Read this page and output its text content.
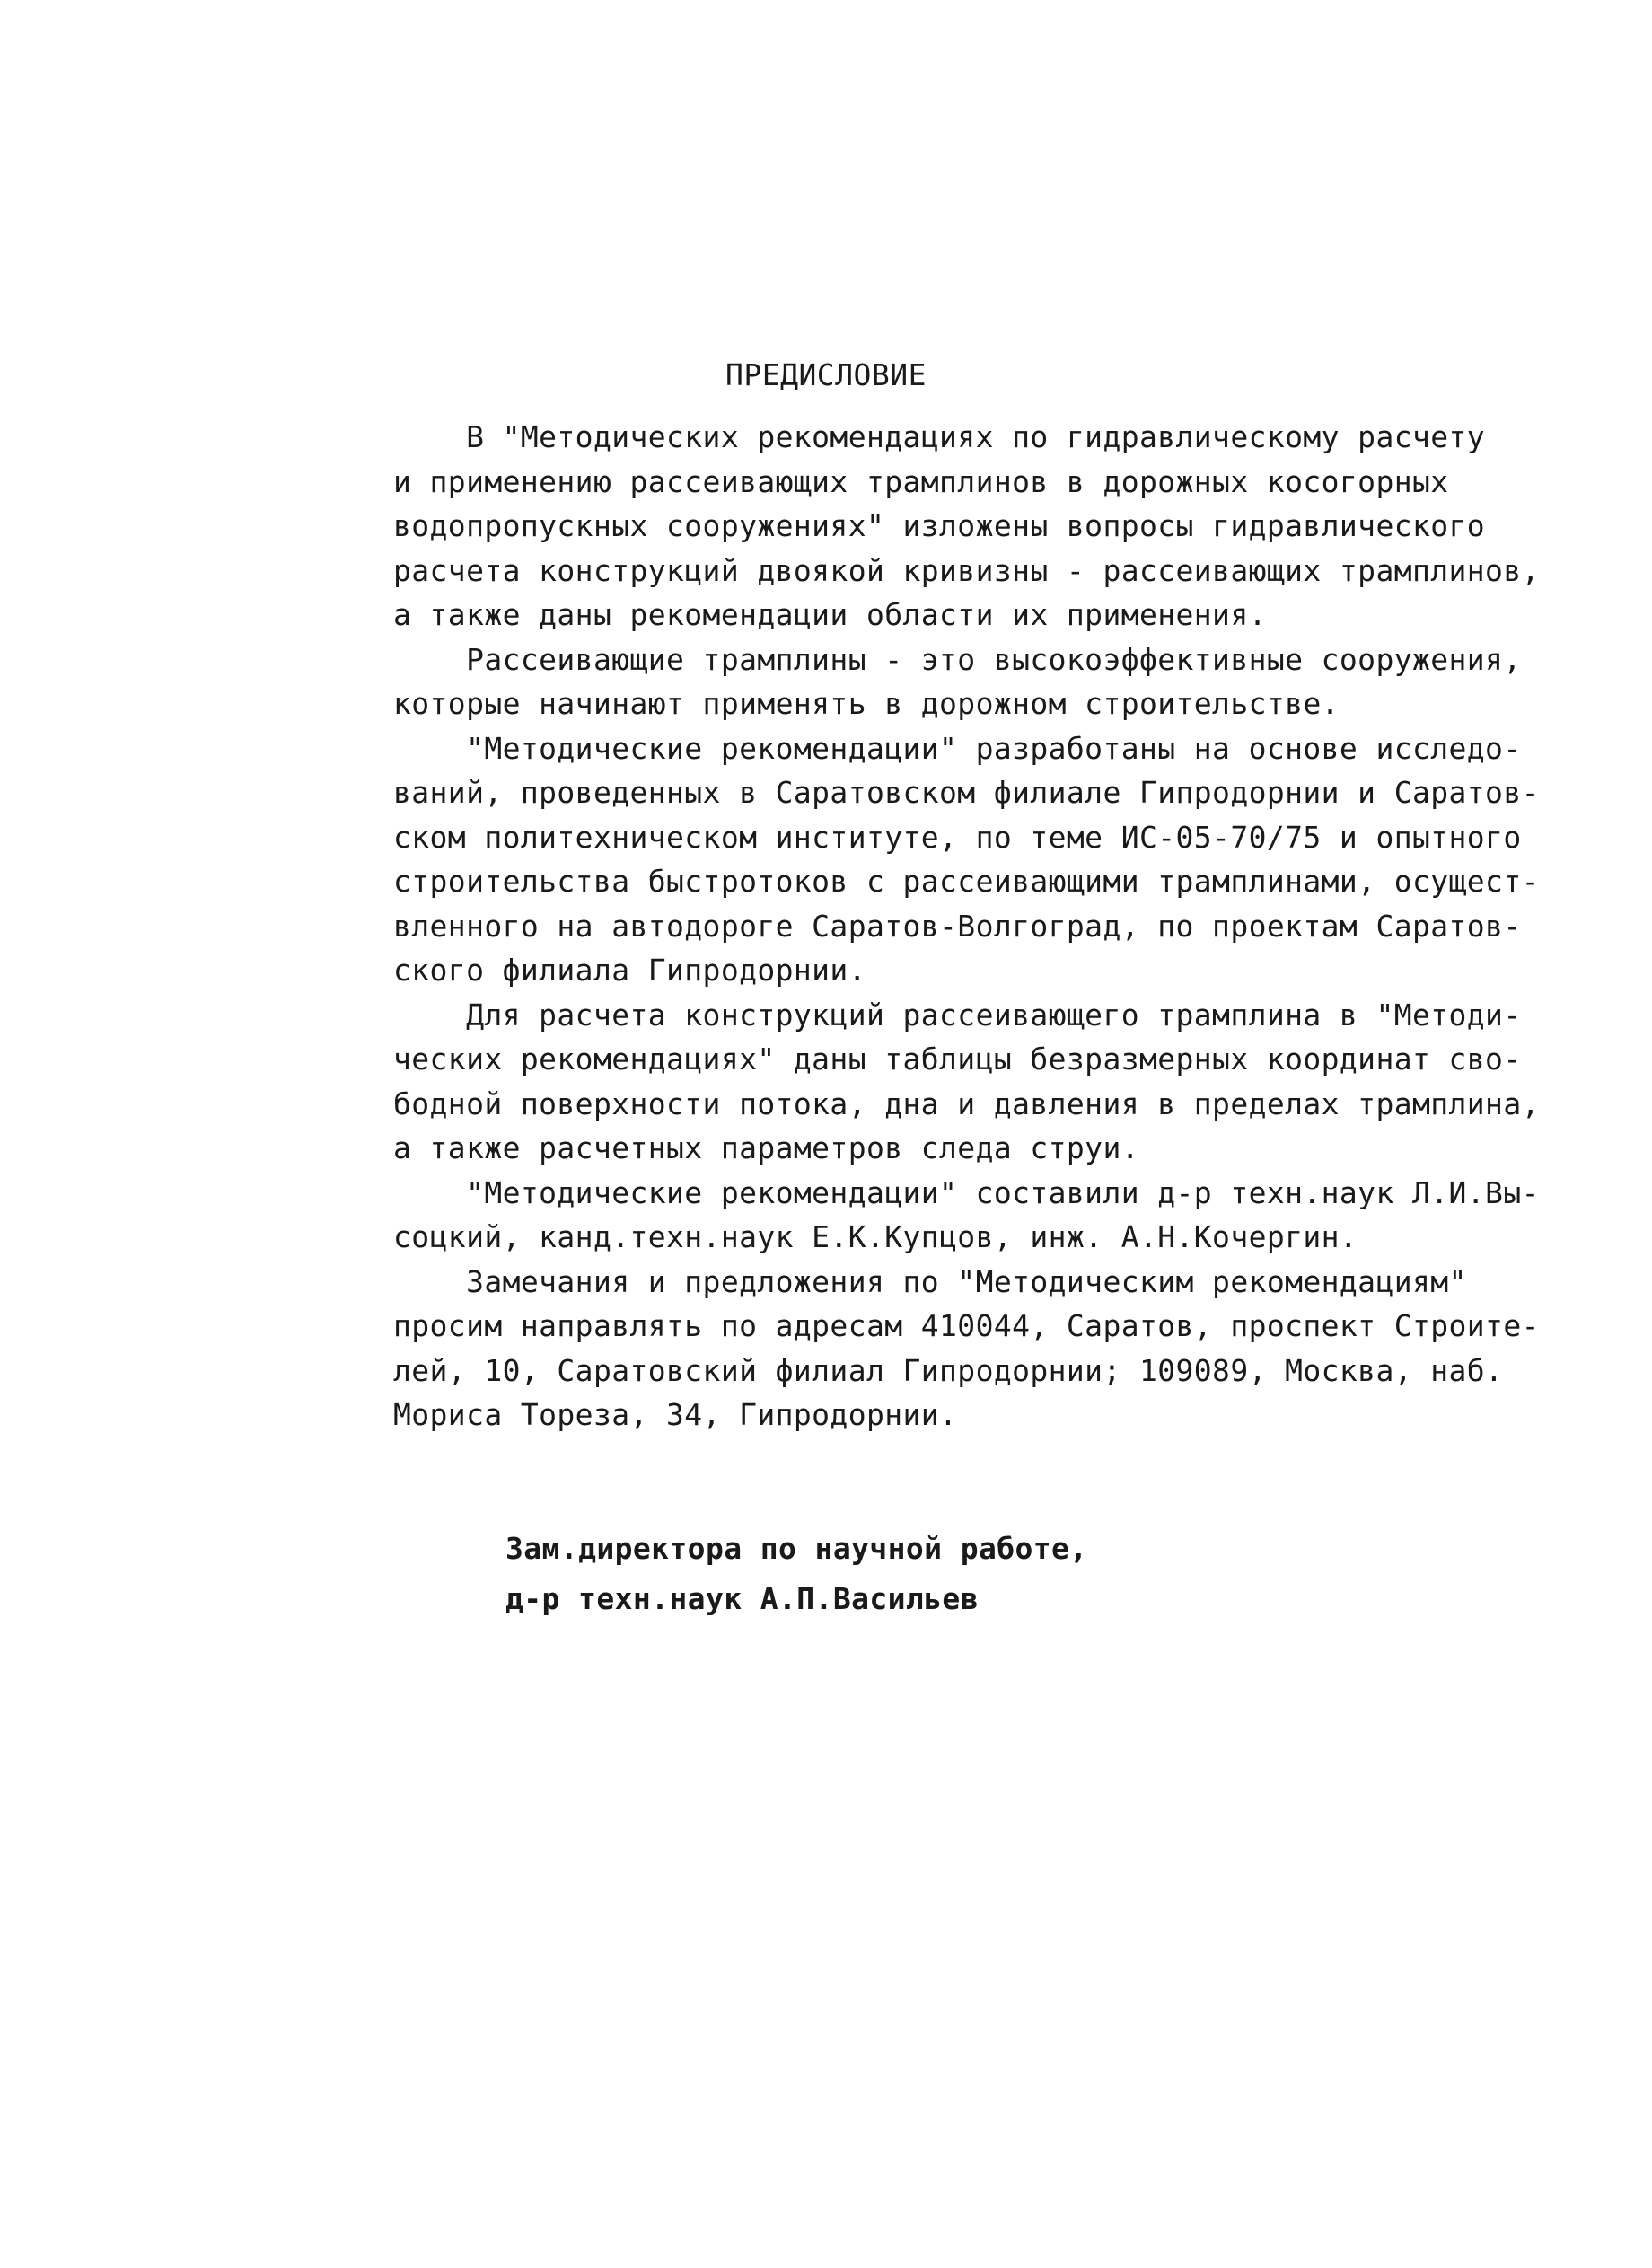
ПРЕДИСЛОВИЕ
В "Методических рекомендациях по гидравлическому расчету
и применению рассеивающих трамплинов в дорожных косогорных
водопропускных сооружениях" изложены вопросы гидравлического
расчета конструкций двоякой кривизны - рассеивающих трамплинов,
а также даны рекомендации области их применения.
Рассеивающие трамплины - это высокоэффективные сооружения,
которые начинают применять в дорожном строительстве.
"Методические рекомендации" разработаны на основе исследо-
ваний, проведенных в Саратовском филиале Гипродорнии и Саратов-
ском политехническом институте, по теме ИС-05-70/75 и опытного
строительства быстротоков с рассеивающими трамплинами, осущест-
вленного на автодороге Саратов-Волгоград, по проектам Саратов-
ского филиала Гипродорнии.
Для расчета конструкций рассеивающего трамплина в "Методи-
ческих рекомендациях" даны таблицы безразмерных координат сво-
бодной поверхности потока, дна и давления в пределах трамплина,
а также расчетных параметров следа струи.
"Методические рекомендации" составили д-р техн.наук Л.И.Вы-
соцкий, канд.техн.наук Е.К.Купцов, инж. А.Н.Кочергин.
Замечания и предложения по "Методическим рекомендациям"
просим направлять по адресам 410044, Саратов, проспект Строите-
лей, 10, Саратовский филиал Гипродорнии; 109089, Москва, наб.
Мориса Тореза, 34, Гипродорнии.
Зам.директора по научной работе,
д-р техн.наук А.П.Васильев
